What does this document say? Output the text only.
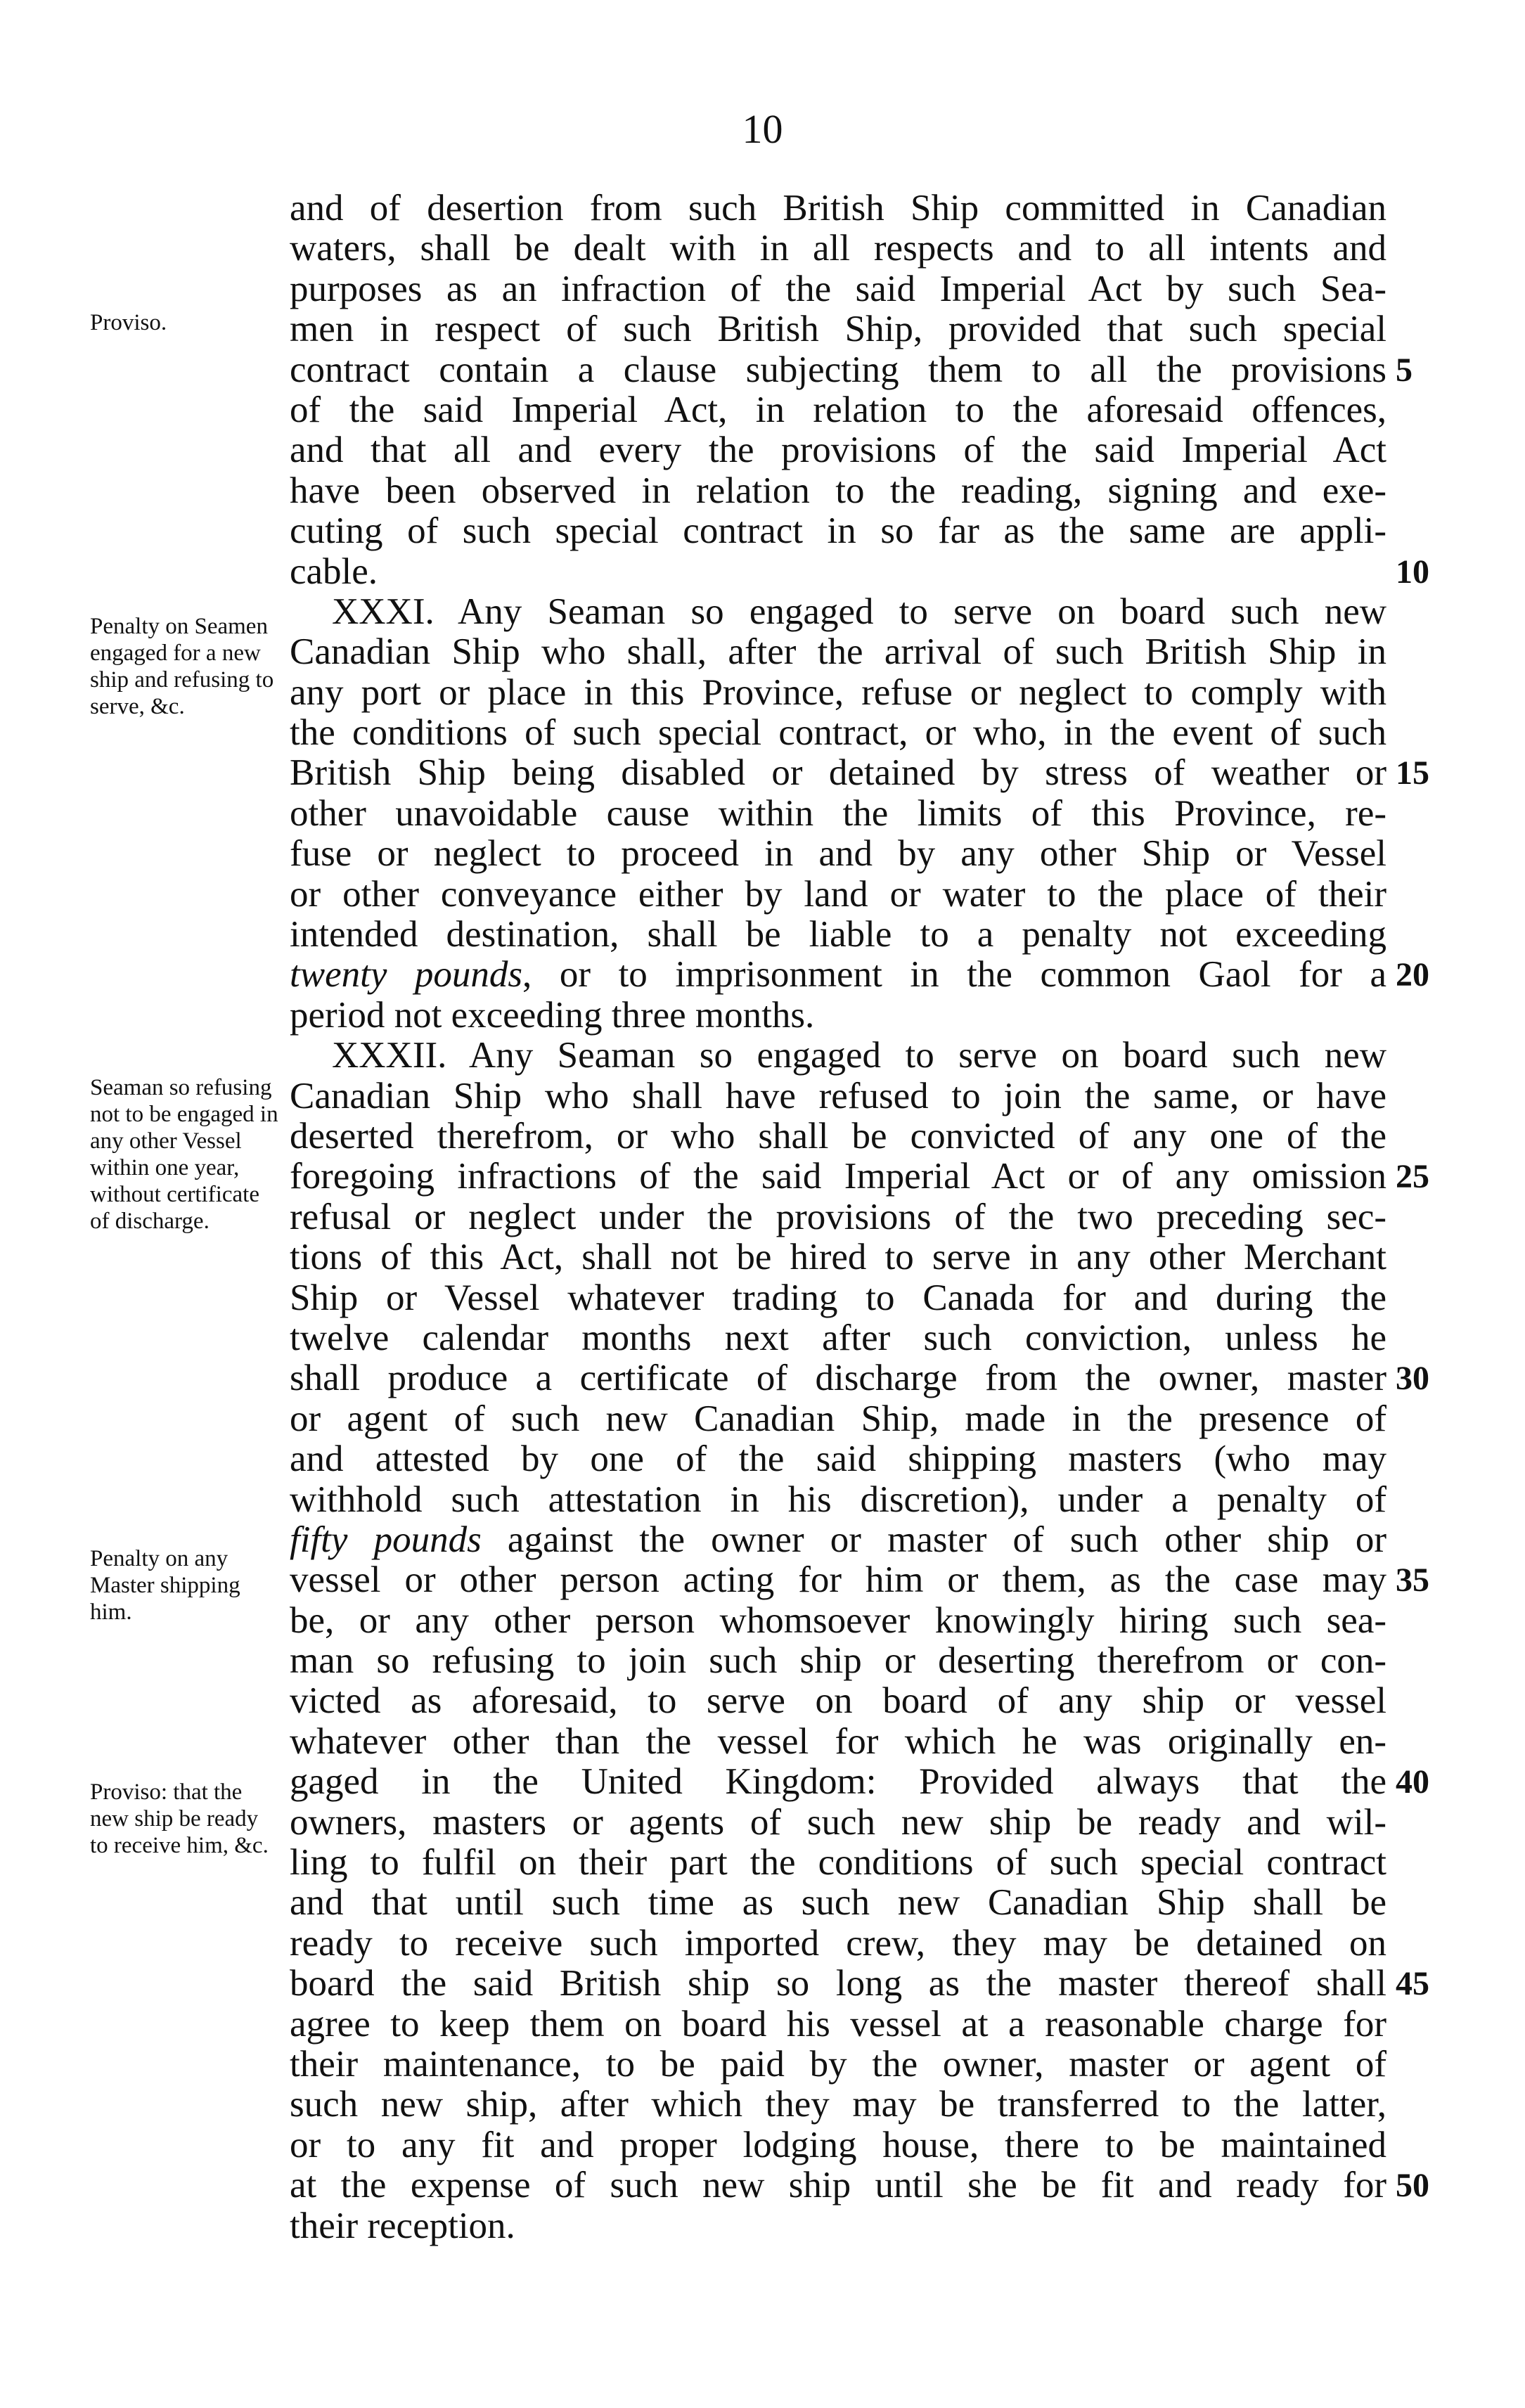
10
and of desertion from such British Ship committed in Canadian
waters, shall be dealt with in all respects and to all intents and
purposes as an infraction of the said Imperial Act by such Sea-
men in respect of such British Ship, provided that such special
contract contain a clause subjecting them to all the provisions
of the said Imperial Act, in relation to the aforesaid offences,
and that all and every the provisions of the said Imperial Act
have been observed in relation to the reading, signing and exe-
cuting of such special contract in so far as the same are appli-
cable.
XXXI. Any Seaman so engaged to serve on board such new
Canadian Ship who shall, after the arrival of such British Ship in
any port or place in this Province, refuse or neglect to comply with
the conditions of such special contract, or who, in the event of such
British Ship being disabled or detained by stress of weather or
other unavoidable cause within the limits of this Province, re-
fuse or neglect to proceed in and by any other Ship or Vessel
or other conveyance either by land or water to the place of their
intended destination, shall be liable to a penalty not exceeding
twenty pounds, or to imprisonment in the common Gaol for a
period not exceeding three months.
XXXII. Any Seaman so engaged to serve on board such new
Canadian Ship who shall have refused to join the same, or have
deserted therefrom, or who shall be convicted of any one of the
foregoing infractions of the said Imperial Act or of any omission
refusal or neglect under the provisions of the two preceding sec-
tions of this Act, shall not be hired to serve in any other Merchant
Ship or Vessel whatever trading to Canada for and during the
twelve calendar months next after such conviction, unless he
shall produce a certificate of discharge from the owner, master
or agent of such new Canadian Ship, made in the presence of
and attested by one of the said shipping masters (who may
withhold such attestation in his discretion), under a penalty of
fifty pounds against the owner or master of such other ship or
vessel or other person acting for him or them, as the case may
be, or any other person whomsoever knowingly hiring such sea-
man so refusing to join such ship or deserting therefrom or con-
victed as aforesaid, to serve on board of any ship or vessel
whatever other than the vessel for which he was originally en-
gaged in the United Kingdom: Provided always that the
owners, masters or agents of such new ship be ready and wil-
ling to fulfil on their part the conditions of such special contract
and that until such time as such new Canadian Ship shall be
ready to receive such imported crew, they may be detained on
board the said British ship so long as the master thereof shall
agree to keep them on board his vessel at a reasonable charge for
their maintenance, to be paid by the owner, master or agent of
such new ship, after which they may be transferred to the latter,
or to any fit and proper lodging house, there to be maintained
at the expense of such new ship until she be fit and ready for
their reception.
5
10
15
20
25
30
35
40
45
50
Proviso.
Penalty on Seamen engaged for a new ship and refusing to serve, &c.
Seaman so refusing not to be engaged in any other Vessel within one year, without certificate of discharge.
Penalty on any Master shipping him.
Proviso: that the new ship be ready to receive him, &c.
